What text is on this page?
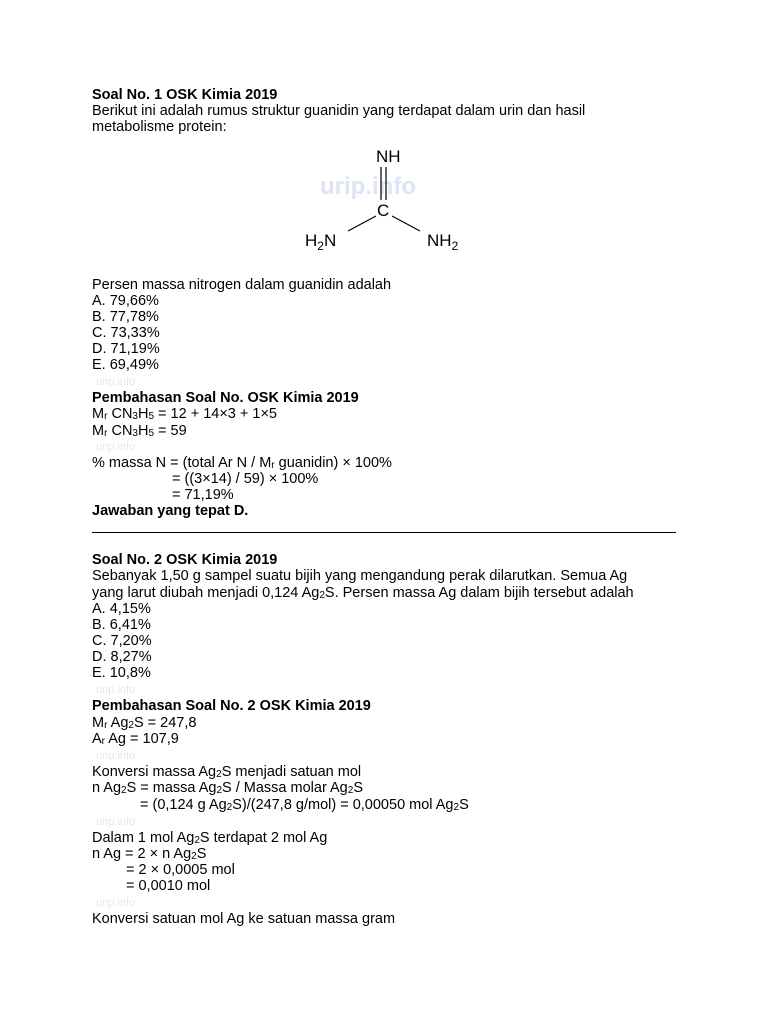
Soal No. 1 OSK Kimia 2019
Berikut ini adalah rumus struktur guanidin yang terdapat dalam urin dan hasil
metabolisme protein:
urip.info
NH
C
$H_2N$	$NH_2$
Persen massa nitrogen dalam guanidin adalah
A. 79,66%
B. 77,78%
C. 73,33%
D. 71,19%
E. 69,49%
urip.info
Pembahasan Soal No. OSK Kimia 2019
Mr CN3H5 = 12 + 14×3 + 1×5
Mr CN3H5 = 59
urip.info
% massa N = (total Ar N / Mr guanidin) × 100%
= ((3×14) / 59) × 100%
= 71,19%
Jawaban yang tepat D.
Soal No. 2 OSK Kimia 2019
Sebanyak 1,50 g sampel suatu bijih yang mengandung perak dilarutkan. Semua Ag
yang larut diubah menjadi 0,124 Ag2S. Persen massa Ag dalam bijih tersebut adalah
A. 4,15%
B. 6,41%
C. 7,20%
D. 8,27%
E. 10,8%
urip.info
Pembahasan Soal No. 2 OSK Kimia 2019
Mr Ag2S = 247,8
Ar Ag = 107,9
urip.info
Konversi massa Ag2S menjadi satuan mol
n Ag2S = massa Ag2S / Massa molar Ag2S
= (0,124 g Ag2S)/(247,8 g/mol) = 0,00050 mol Ag2S
urip.info
Dalam 1 mol Ag2S terdapat 2 mol Ag
n Ag = 2 × n Ag2S
= 2 × 0,0005 mol
= 0,0010 mol
urip.info
Konversi satuan mol Ag ke satuan massa gram
